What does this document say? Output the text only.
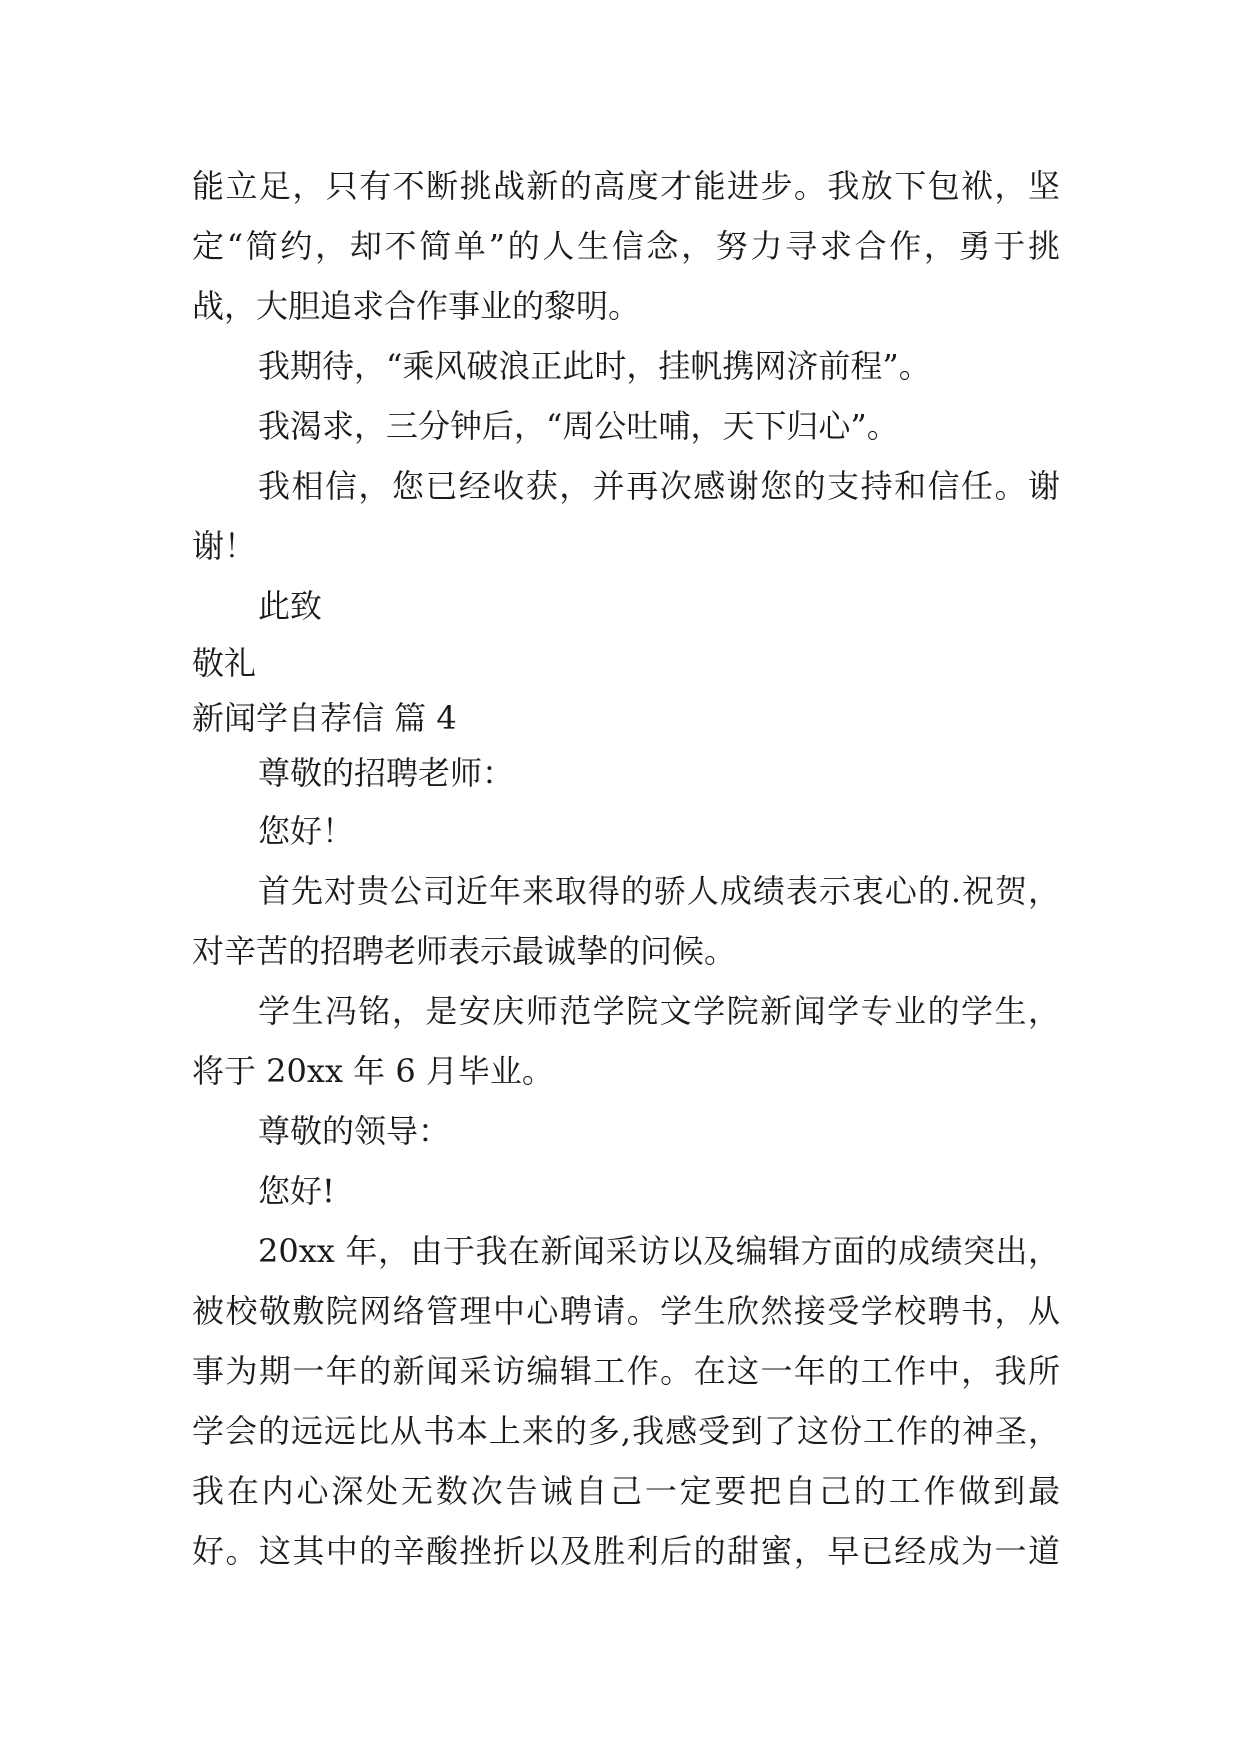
能立足，只有不断挑战新的高度才能进步。我放下包袱，坚
定“简约，却不简单”的人生信念，努力寻求合作，勇于挑
战，大胆追求合作事业的黎明。
我期待，“乘风破浪正此时，挂帆携网济前程”。
我渴求，三分钟后，“周公吐哺，天下归心”。
我相信，您已经收获，并再次感谢您的支持和信任。谢
谢！
此致
敬礼
新闻学自荐信 篇 4
尊敬的招聘老师：
您好！
首先对贵公司近年来取得的骄人成绩表示衷心的.祝贺，
对辛苦的招聘老师表示最诚挚的问候。
学生冯铭，是安庆师范学院文学院新闻学专业的学生，
将于 20xx 年 6 月毕业。
尊敬的领导：
您好!
20xx 年，由于我在新闻采访以及编辑方面的成绩突出，
被校敬敷院网络管理中心聘请。学生欣然接受学校聘书，从
事为期一年的新闻采访编辑工作。在这一年的工作中，我所
学会的远远比从书本上来的多,我感受到了这份工作的神圣，
我在内心深处无数次告诫自己一定要把自己的工作做到最
好。这其中的辛酸挫折以及胜利后的甜蜜，早已经成为一道
